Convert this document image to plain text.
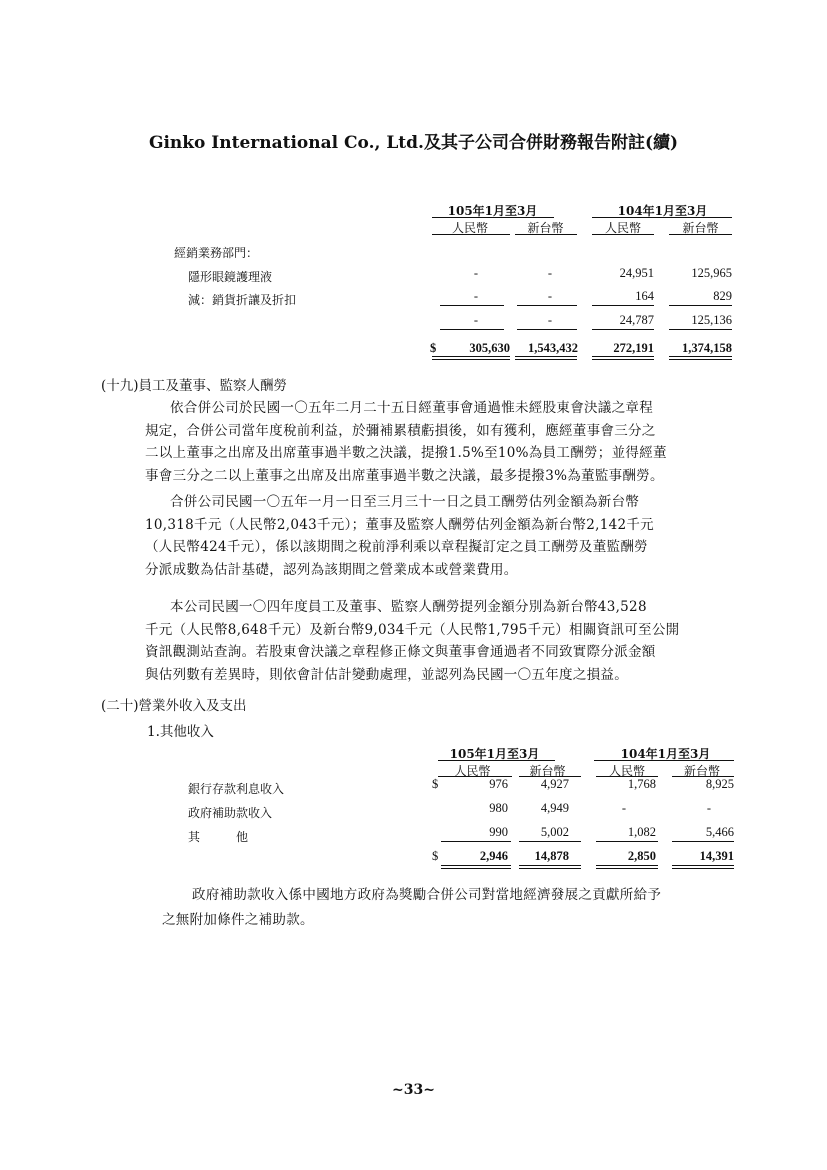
Ginko International Co., Ltd.及其子公司合併財務報告附註(續)
105年1月至3月	104年1月至3月
人民幣	新台幣	人民幣	新台幣
經銷業務部門：
隱形眼鏡護理液	-	-	24,951	125,965
減：銷貨折讓及折扣	-	-	164	829
-	-	24,787	125,136
$	305,630	1,543,432	272,191	1,374,158
(十九)員工及董事、監察人酬勞
依合併公司於民國一〇五年二月二十五日經董事會通過惟未經股東會決議之章程
規定，合併公司當年度稅前利益，於彌補累積虧損後，如有獲利，應經董事會三分之
二以上董事之出席及出席董事過半數之決議，提撥1.5%至10%為員工酬勞；並得經董
事會三分之二以上董事之出席及出席董事過半數之決議，最多提撥3%為董監事酬勞。
合併公司民國一〇五年一月一日至三月三十一日之員工酬勞估列金額為新台幣
10,318千元（人民幣2,043千元）；董事及監察人酬勞估列金額為新台幣2,142千元
（人民幣424千元），係以該期間之稅前淨利乘以章程擬訂定之員工酬勞及董監酬勞
分派成數為估計基礎，認列為該期間之營業成本或營業費用。
本公司民國一〇四年度員工及董事、監察人酬勞提列金額分別為新台幣43,528
千元（人民幣8,648千元）及新台幣9,034千元（人民幣1,795千元）相關資訊可至公開
資訊觀測站查詢。若股東會決議之章程修正條文與董事會通過者不同致實際分派金額
與估列數有差異時，則依會計估計變動處理，並認列為民國一〇五年度之損益。
(二十)營業外收入及支出
1.其他收入
105年1月至3月	104年1月至3月
人民幣	新台幣	人民幣	新台幣
銀行存款利息收入	$	976	4,927	1,768	8,925
政府補助款收入	980	4,949	-	-
其　　　他	990	5,002	1,082	5,466
$	2,946	14,878	2,850	14,391
政府補助款收入係中國地方政府為獎勵合併公司對當地經濟發展之貢獻所給予
之無附加條件之補助款。
~33~
